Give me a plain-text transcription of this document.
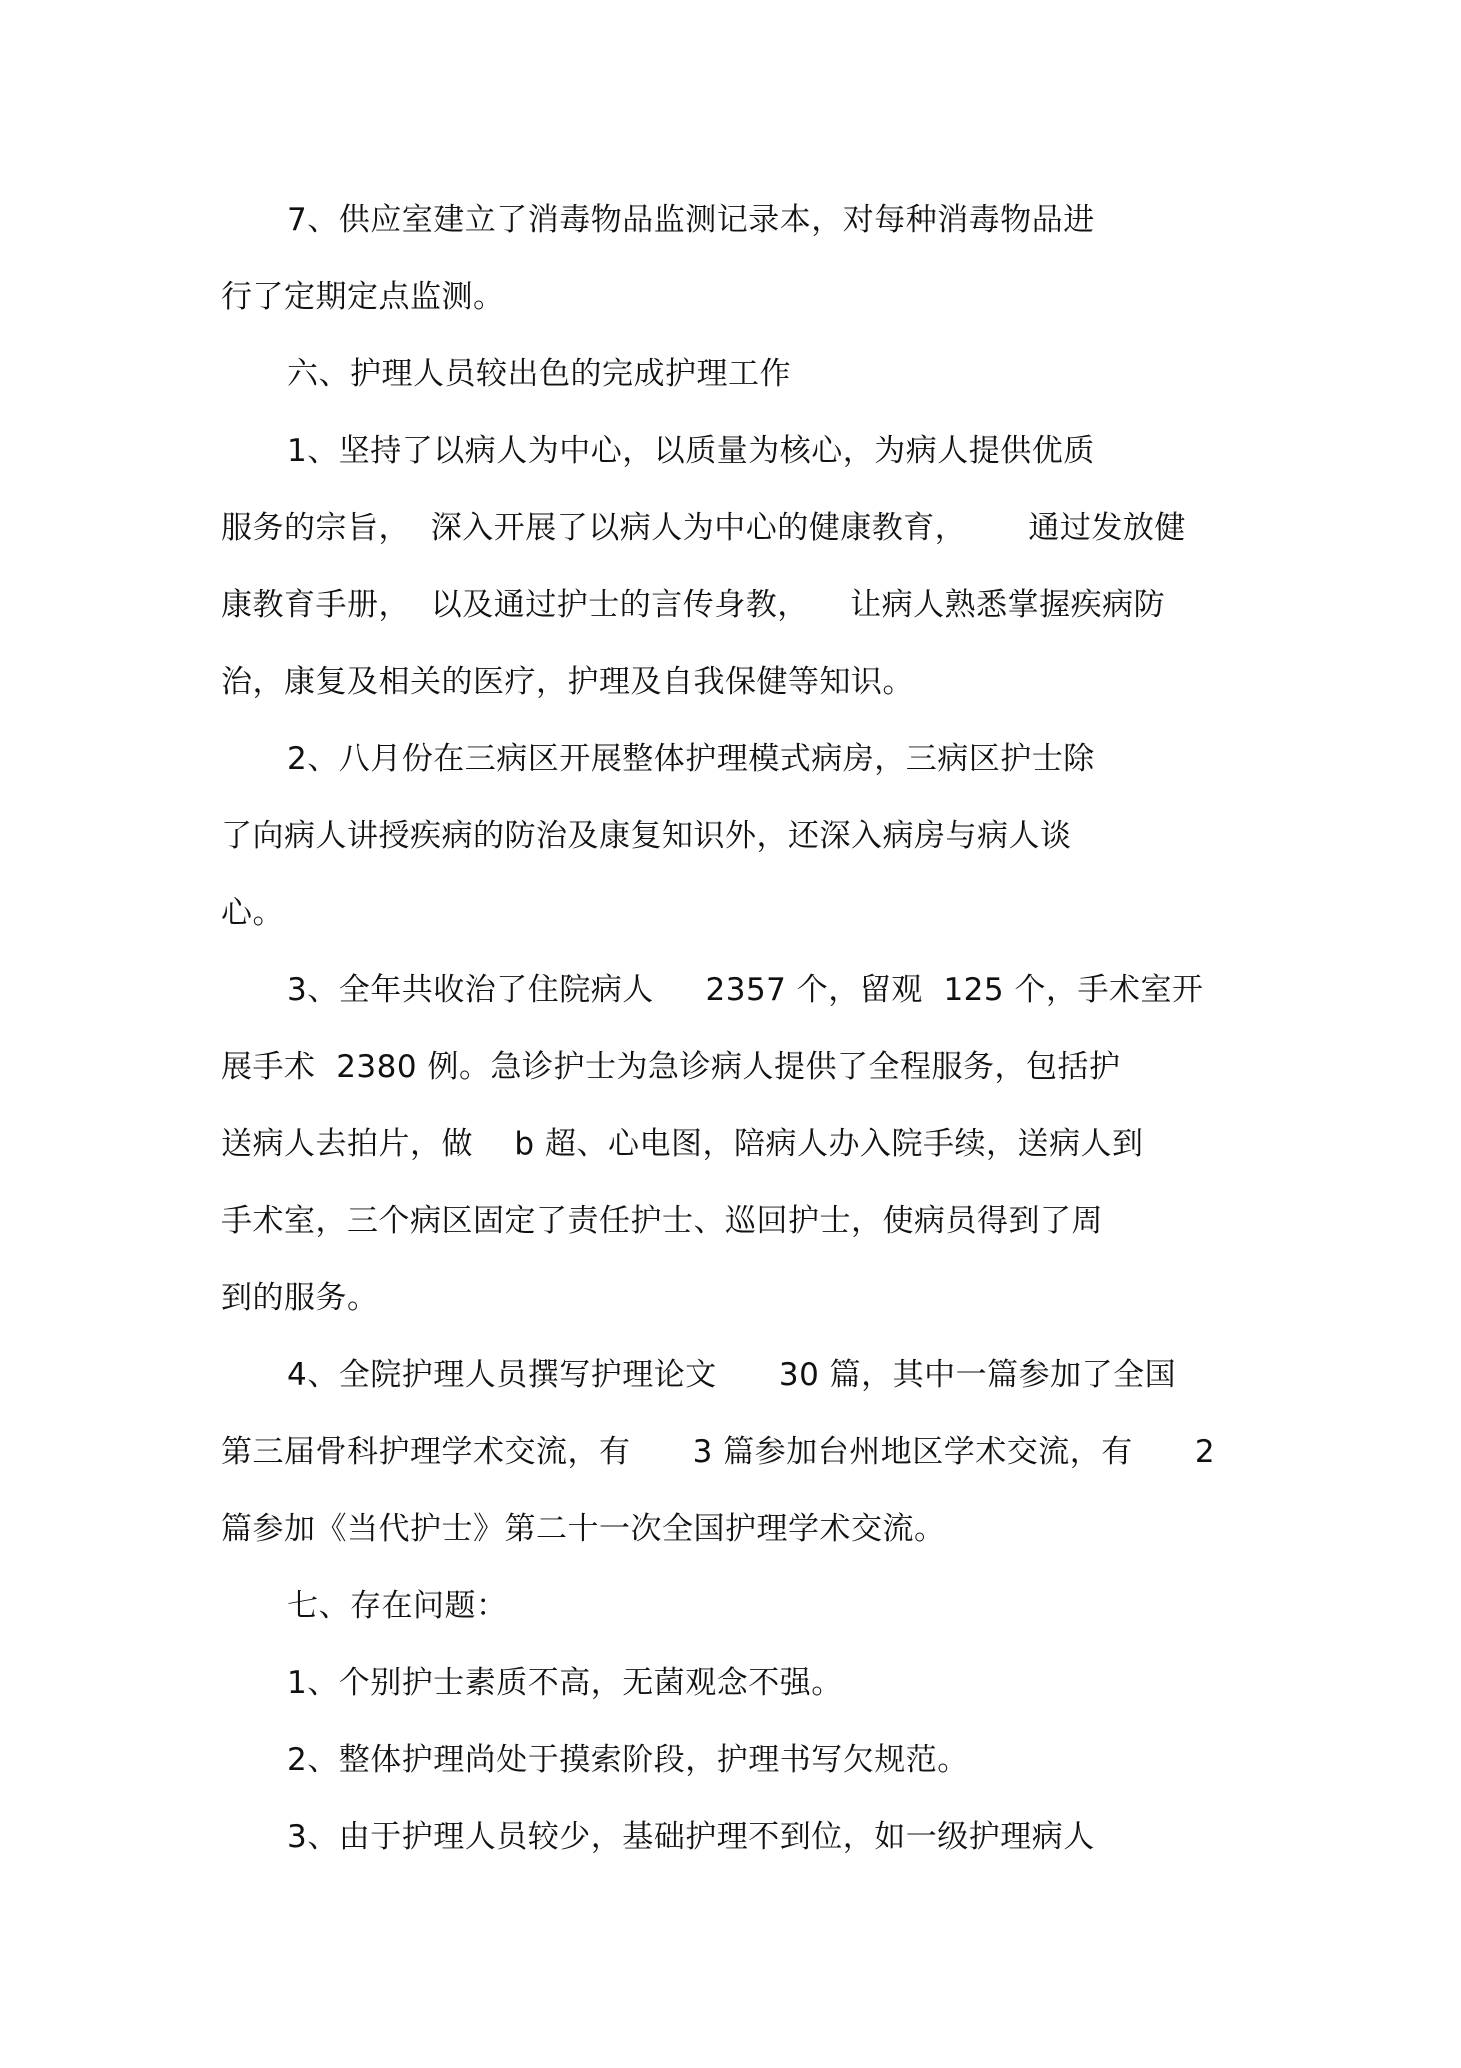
7、供应室建立了消毒物品监测记录本，对每种消毒物品进
行了定期定点监测。
六、护理人员较出色的完成护理工作
1、坚持了以病人为中心，以质量为核心，为病人提供优质
服务的宗旨，  深入开展了以病人为中心的健康教育，      通过发放健
康教育手册，  以及通过护士的言传身教，    让病人熟悉掌握疾病防
治，康复及相关的医疗，护理及自我保健等知识。
2、八月份在三病区开展整体护理模式病房，三病区护士除
了向病人讲授疾病的防治及康复知识外，还深入病房与病人谈
心。
3、全年共收治了住院病人     2357 个，留观  125 个，手术室开
展手术  2380 例。急诊护士为急诊病人提供了全程服务，包括护
送病人去拍片，做    b 超、心电图，陪病人办入院手续，送病人到
手术室，三个病区固定了责任护士、巡回护士，使病员得到了周
到的服务。
4、全院护理人员撰写护理论文      30 篇，其中一篇参加了全国
第三届骨科护理学术交流，有      3 篇参加台州地区学术交流，有      2
篇参加《当代护士》第二十一次全国护理学术交流。
七、存在问题：
1、个别护士素质不高，无菌观念不强。
2、整体护理尚处于摸索阶段，护理书写欠规范。
3、由于护理人员较少，基础护理不到位，如一级护理病人
